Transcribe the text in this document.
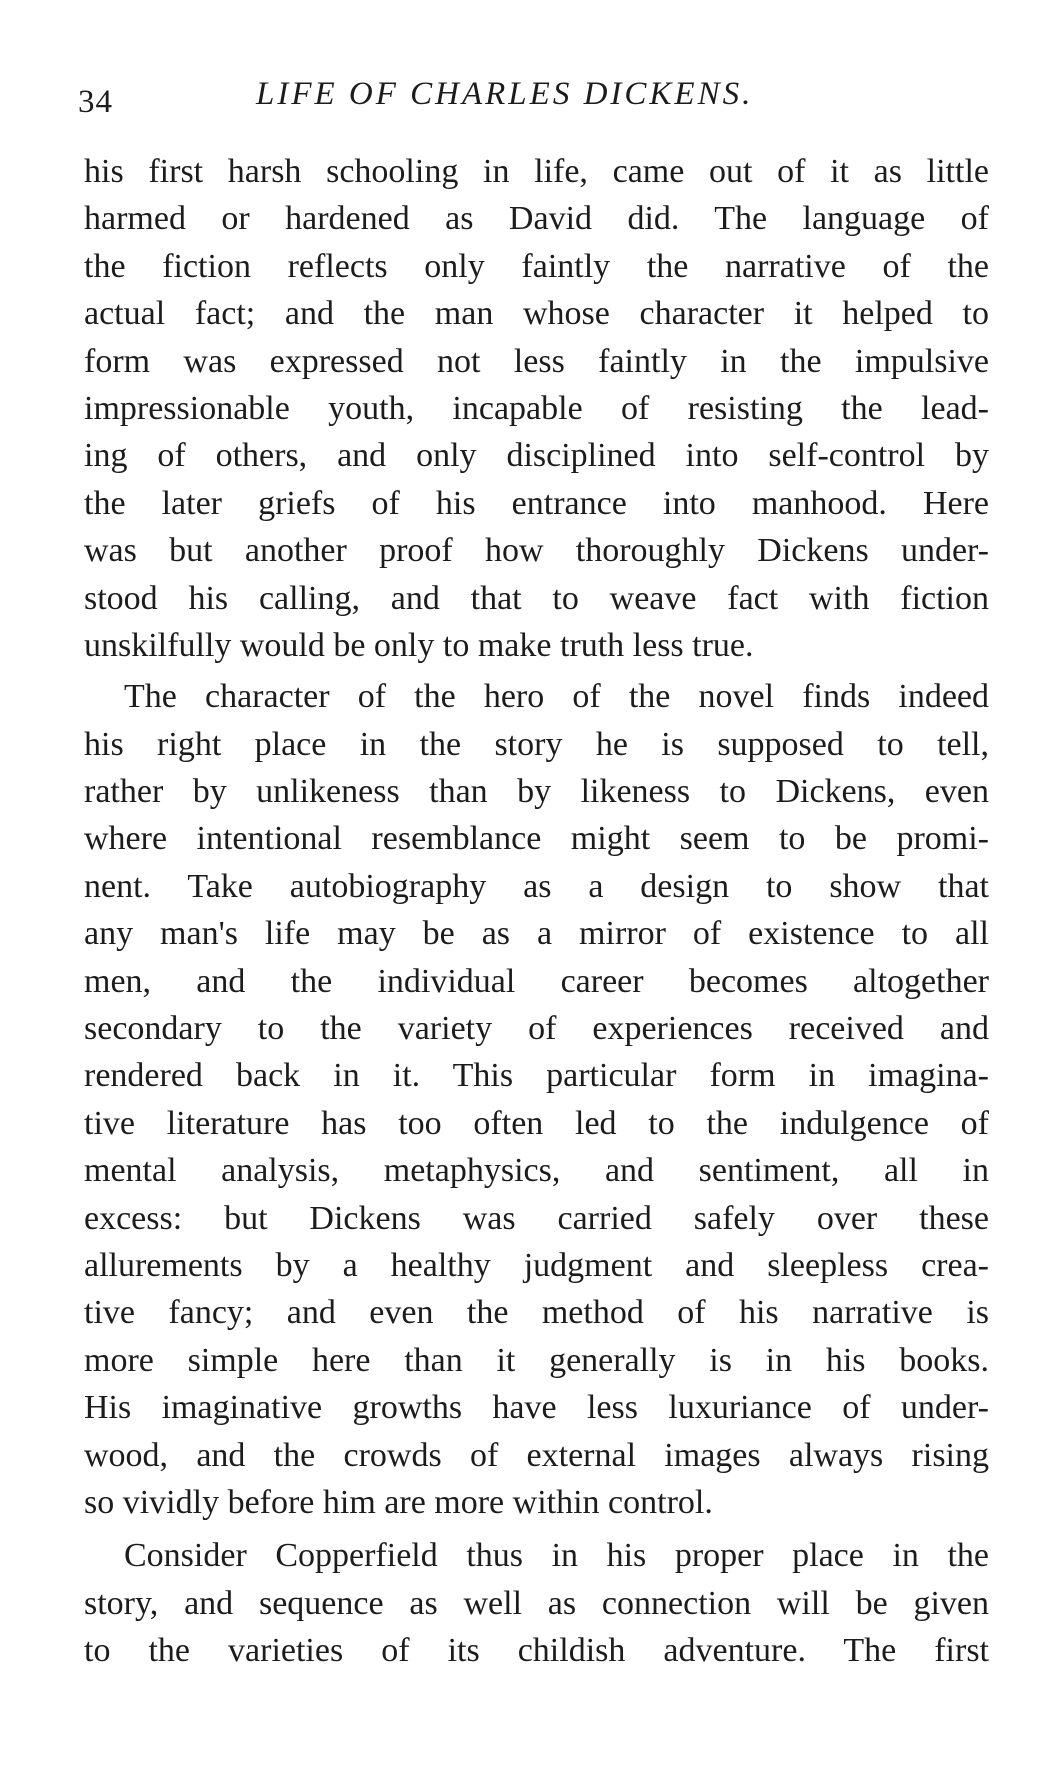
34	LIFE OF CHARLES DICKENS.
his first harsh schooling in life, came out of it as little
harmed or hardened as David did. The language of
the fiction reflects only faintly the narrative of the
actual fact; and the man whose character it helped to
form was expressed not less faintly in the impulsive
impressionable youth, incapable of resisting the lead-
ing of others, and only disciplined into self-control by
the later griefs of his entrance into manhood. Here
was but another proof how thoroughly Dickens under-
stood his calling, and that to weave fact with fiction
unskilfully would be only to make truth less true.
The character of the hero of the novel finds indeed
his right place in the story he is supposed to tell,
rather by unlikeness than by likeness to Dickens, even
where intentional resemblance might seem to be promi-
nent. Take autobiography as a design to show that
any man's life may be as a mirror of existence to all
men, and the individual career becomes altogether
secondary to the variety of experiences received and
rendered back in it. This particular form in imagina-
tive literature has too often led to the indulgence of
mental analysis, metaphysics, and sentiment, all in
excess: but Dickens was carried safely over these
allurements by a healthy judgment and sleepless crea-
tive fancy; and even the method of his narrative is
more simple here than it generally is in his books.
His imaginative growths have less luxuriance of under-
wood, and the crowds of external images always rising
so vividly before him are more within control.
Consider Copperfield thus in his proper place in the
story, and sequence as well as connection will be given
to the varieties of its childish adventure. The first
